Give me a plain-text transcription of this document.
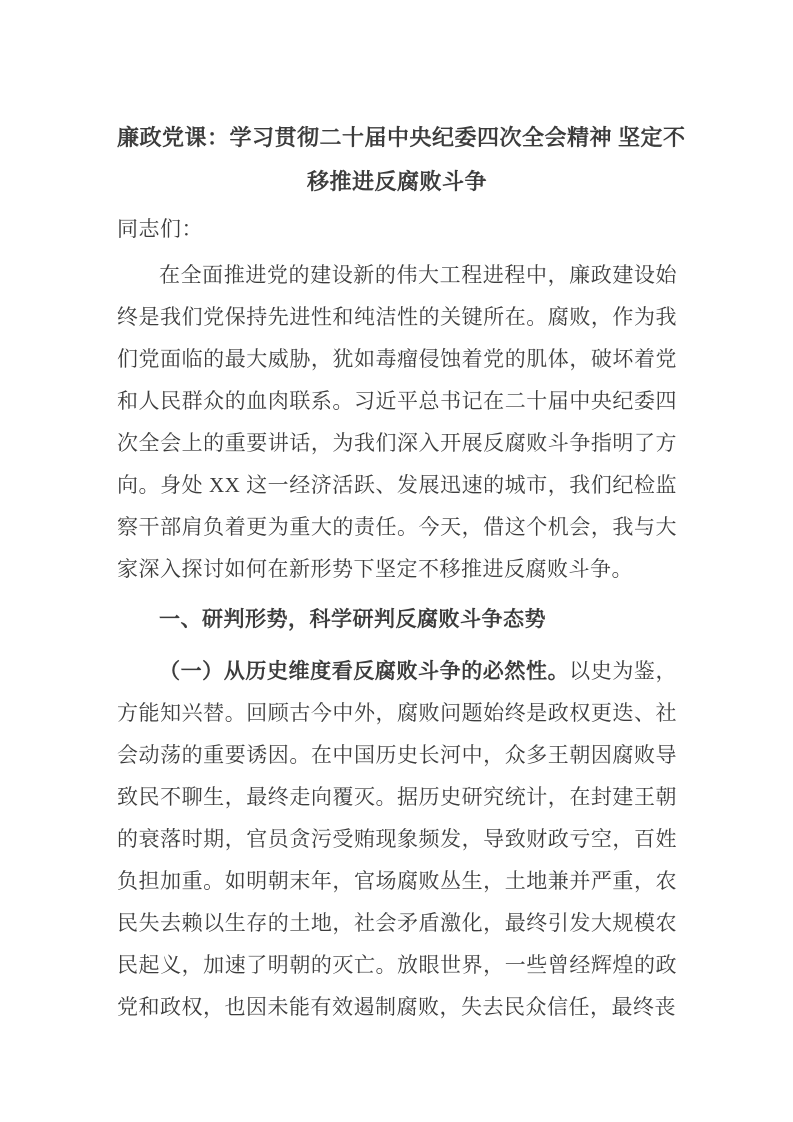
廉政党课：学习贯彻二十届中央纪委四次全会精神 坚定不
移推进反腐败斗争

同志们：

在全面推进党的建设新的伟大工程进程中，廉政建设始终是我们党保持先进性和纯洁性的关键所在。腐败，作为我们党面临的最大威胁，犹如毒瘤侵蚀着党的肌体，破坏着党和人民群众的血肉联系。习近平总书记在二十届中央纪委四次全会上的重要讲话，为我们深入开展反腐败斗争指明了方向。身处 XX 这一经济活跃、发展迅速的城市，我们纪检监察干部肩负着更为重大的责任。今天，借这个机会，我与大家深入探讨如何在新形势下坚定不移推进反腐败斗争。

一、研判形势，科学研判反腐败斗争态势

（一）从历史维度看反腐败斗争的必然性。以史为鉴，方能知兴替。回顾古今中外，腐败问题始终是政权更迭、社会动荡的重要诱因。在中国历史长河中，众多王朝因腐败导致民不聊生，最终走向覆灭。据历史研究统计，在封建王朝的衰落时期，官员贪污受贿现象频发，导致财政亏空，百姓负担加重。如明朝末年，官场腐败丛生，土地兼并严重，农民失去赖以生存的土地，社会矛盾激化，最终引发大规模农民起义，加速了明朝的灭亡。放眼世界，一些曾经辉煌的政党和政权，也因未能有效遏制腐败，失去民众信任，最终丧
